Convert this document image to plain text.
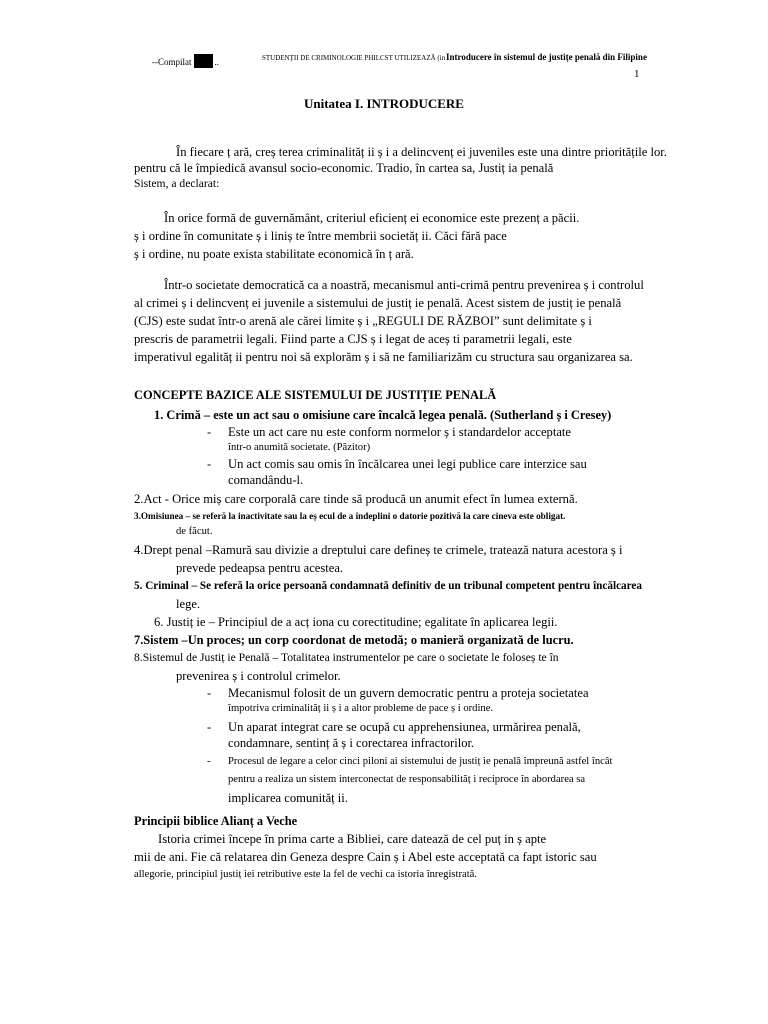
--Compilat	..	STUDENȚII DE CRIMINOLOGIE PHILCST UTILIZEAZĂ (in Introducere în sistemul de justițe penală din Filipine
1
Unitatea I. INTRODUCERE
În fiecare ț ară, creș terea criminalităț ii ș i a delincvenț ei juveniles este una dintre prioritățile lor.
pentru că le împiedică avansul socio-economic. Tradio, în cartea sa, Justiț ia penală
Sistem, a declarat:
În orice formă de guvernământ, criteriul eficienț ei economice este prezenț a păcii.
ș i ordine în comunitate ș i liniș te între membrii societăț ii. Căci fără pace
ș i ordine, nu poate exista stabilitate economică în ț ară.
Într-o societate democratică ca a noastră, mecanismul anti-crimă pentru prevenirea ș i controlul
al crimei ș i delincvenț ei juvenile a sistemului de justiț ie penală. Acest sistem de justiț ie penală
(CJS) este sudat într-o arenă ale cărei limite ș i „REGULI DE RĂZBOI” sunt delimitate ș i
prescris de parametrii legali. Fiind parte a CJS ș i legat de aceș ti parametrii legali, este
imperativul egalităț ii pentru noi să explorăm ș i să ne familiarizăm cu structura sau organizarea sa.
CONCEPTE BAZICE ALE SISTEMULUI DE JUSTIȚIE PENALĂ
1. Crimă – este un act sau o omisiune care încalcă legea penală. (Sutherland ș i Cresey)
- Este un act care nu este conform normelor ș i standardelor acceptate
într-o anumită societate. (Păzitor)
- Un act comis sau omis în încălcarea unei legi publice care interzice sau
comandându-l.
2.Act - Orice miș care corporală care tinde să producă un anumit efect în lumea externă.
3.Omisiunea – se referă la inactivitate sau la eș ecul de a îndeplini o datorie pozitivă la care cineva este obligat.
de făcut.
4.Drept penal –Ramură sau divizie a dreptului care defineș te crimele, tratează natura acestora ș i
prevede pedeapsa pentru acestea.
5. Criminal – Se referă la orice persoană condamnată definitiv de un tribunal competent pentru încălcarea
lege.
6. Justiț ie – Principiul de a acț iona cu corectitudine; egalitate în aplicarea legii.
7.Sistem –Un proces; un corp coordonat de metodă; o manieră organizată de lucru.
8.Sistemul de Justiț ie Penală – Totalitatea instrumentelor pe care o societate le foloseș te în
prevenirea ș i controlul crimelor.
- Mecanismul folosit de un guvern democratic pentru a proteja societatea
împotriva criminalităț ii ș i a altor probleme de pace ș i ordine.
- Un aparat integrat care se ocupă cu apprehensiunea, urmărirea penală,
condamnare, sentinț ă ș i corectarea infractorilor.
- Procesul de legare a celor cinci piloni ai sistemului de justiț ie penală împreună astfel încât
pentru a realiza un sistem interconectat de responsabilităț i reciproce în abordarea sa
implicarea comunităț ii.
Principii biblice Alianț a Veche
Istoria crimei începe în prima carte a Bibliei, care datează de cel puț in ș apte
mii de ani. Fie că relatarea din Geneza despre Cain ș i Abel este acceptată ca fapt istoric sau
allegorie, principiul justiț iei retributive este la fel de vechi ca istoria înregistrată.
